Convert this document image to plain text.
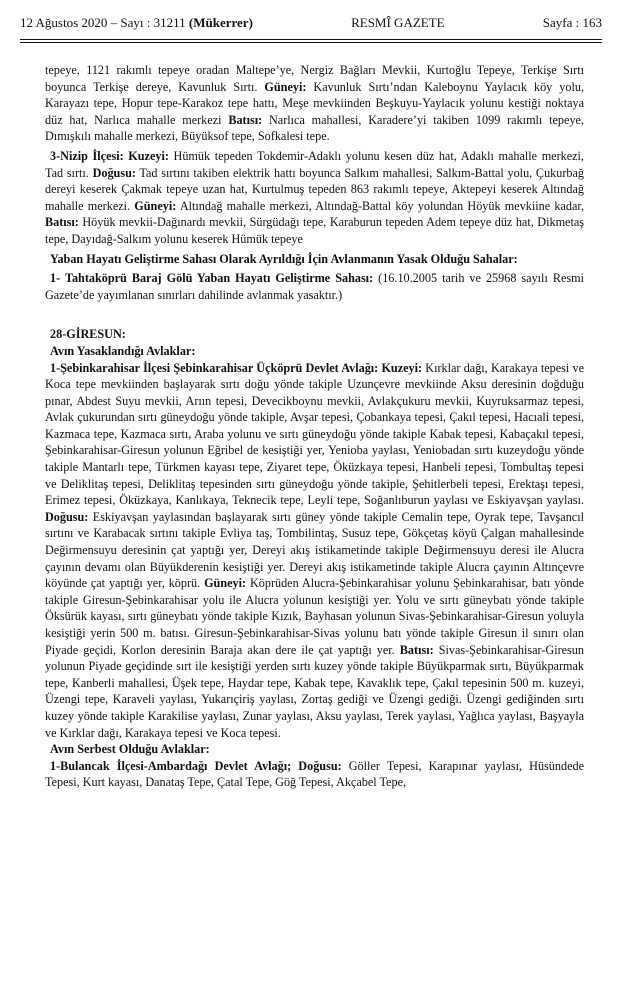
12 Ağustos 2020 – Sayı : 31211 (Mükerrer)	RESMÎ GAZETE	Sayfa : 163

tepeye, 1121 rakımlı tepeye oradan Maltepe’ye, Nergiz Bağları Mevkii, Kurtoğlu Tepeye, Terkişe Sırtı boyunca Terkişe dereye, Kavunluk Sırtı. Güneyi: Kavunluk Sırtı’ndan Kaleboynu Yaylacık köy yolu, Karayazı tepe, Hopur tepe-Karakoz tepe hattı, Meşe mevkiinden Beşkuyu-Yaylacık yolunu kestiği noktaya düz hat, Narlıca mahalle merkezi Batısı: Narlıca mahallesi, Karadere’yi takiben 1099 rakımlı tepeye, Dımışkılı mahalle merkezi, Büyüksof tepe, Sofkalesi tepe.

3-Nizip İlçesi: Kuzeyi: Hümük tepeden Tokdemir-Adaklı yolunu kesen düz hat, Adaklı mahalle merkezi, Tad sırtı. Doğusu: Tad sırtını takiben elektrik hattı boyunca Salkım mahallesi, Salkım-Battal yolu, Çukurbağ dereyi keserek Çakmak tepeye uzan hat, Kurtulmuş tepeden 863 rakımlı tepeye, Aktepeyi keserek Altındağ mahalle merkezi. Güneyi: Altındağ mahalle merkezi, Altındağ-Battal köy yolundan Höyük mevkiine kadar, Batısı: Höyük mevkii-Dağınardı mevkii, Sürgüdağı tepe, Karaburun tepeden Adem tepeye düz hat, Dikmetaş tepe, Dayıdağ-Salkım yolunu keserek Hümük tepeye

Yaban Hayatı Geliştirme Sahası Olarak Ayrıldığı İçin Avlanmanın Yasak Olduğu Sahalar:

1- Tahtaköprü Baraj Gölü Yaban Hayatı Geliştirme Sahası: (16.10.2005 tarih ve 25968 sayılı Resmi Gazete’de yayımlanan sınırları dahilinde avlanmak yasaktır.)

28-GİRESUN:

Avın Yasaklandığı Avlaklar:

1-Şebinkarahisar İlçesi Şebinkarahisar Üçköprü Devlet Avlağı: Kuzeyi: Kırklar dağı, Karakaya tepesi ve Koca tepe mevkiinden başlayarak sırtı doğu yönde takiple Uzunçevre mevkiinde Aksu deresinin doğduğu pınar, Abdest Suyu mevkii, Arıın tepesi, Devecikboynu mevkii, Avlakçukuru mevkii, Kuyruksarmaz tepesi, Avlak çukurundan sırtı güneydoğu yönde takiple, Avşar tepesi, Çobankaya tepesi, Çakıl tepesi, Hacıali tepesi, Kazmaca tepe, Kazmaca sırtı, Araba yolunu ve sırtı güneydoğu yönde takiple Kabak tepesi, Kabaçakıl tepesi, Şebinkarahisar-Giresun yolunun Eğribel de kesiştiği yer, Yenioba yaylası, Yeniobadan sırtı kuzeydoğu yönde takiple Mantarlı tepe, Türkmen kayası tepe, Ziyaret tepe, Öküzkaya tepesi, Hanbeli tepesi, Tombultaş tepesi ve Deliklitaş tepesi, Deliklitaş tepesinden sırtı güneydoğu yönde takiple, Şehitlerbeli tepesi, Erektaşı tepesi, Erimez tepesi, Öküzkaya, Kanlıkaya, Teknecik tepe, Leyli tepe, Soğanlıburun yaylası ve Eskiyavşan yaylası. Doğusu: Eskiyavşan yaylasından başlayarak sırtı güney yönde takiple Cemalin tepe, Oyrak tepe, Tavşancıl sırtını ve Karabacak sırtını takiple Evliya taş, Tombilintaş, Susuz tepe, Gökçetaş köyü Çalgan mahallesinde Değirmensuyu deresinin çat yaptığı yer, Dereyi akış istikametinde takiple Değirmensuyu deresi ile Alucra çayının devamı olan Büyükderenin kesiştiği yer. Dereyi akış istikametinde takiple Alucra çayının Altınçevre köyünde çat yaptığı yer, köprü. Güneyi: Köprüden Alucra-Şebinkarahisar yolunu Şebinkarahisar, batı yönde takiple Giresun-Şebinkarahisar yolu ile Alucra yolunun kesiştiği yer. Yolu ve sırtı güneybatı yönde takiple Öksürük kayası, sırtı güneybatı yönde takiple Kızık, Bayhasan yolunun Sivas-Şebinkarahisar-Giresun yoluyla kesiştiği yerin 500 m. batısı. Giresun-Şebinkarahisar-Sivas yolunu batı yönde takiple Giresun il sınırı olan Piyade geçidi, Korlon deresinin Baraja akan dere ile çat yaptığı yer. Batısı: Sivas-Şebinkarahisar-Giresun yolunun Piyade geçidinde sırt ile kesiştiği yerden sırtı kuzey yönde takiple Büyükparmak sırtı, Büyükparmak tepe, Kanberli mahallesi, Üşek tepe, Haydar tepe, Kabak tepe, Kavaklık tepe, Çakıl tepesinin 500 m. kuzeyi, Üzengi tepe, Karaveli yaylası, Yukarıçiriş yaylası, Zortaş gediği ve Üzengi gediği. Üzengi gediğinden sırtı kuzey yönde takiple Karakilise yaylası, Zunar yaylası, Aksu yaylası, Terek yaylası, Yağlıca yaylası, Başyayla ve Kırklar dağı, Karakaya tepesi ve Koca tepesi.

Avın Serbest Olduğu Avlaklar:

1-Bulancak İlçesi-Ambardağı Devlet Avlağı; Doğusu: Göller Tepesi, Karapınar yaylası, Hüsündede Tepesi, Kurt kayası, Danataş Tepe, Çatal Tepe, Göğ Tepesi, Akçabel Tepe,
